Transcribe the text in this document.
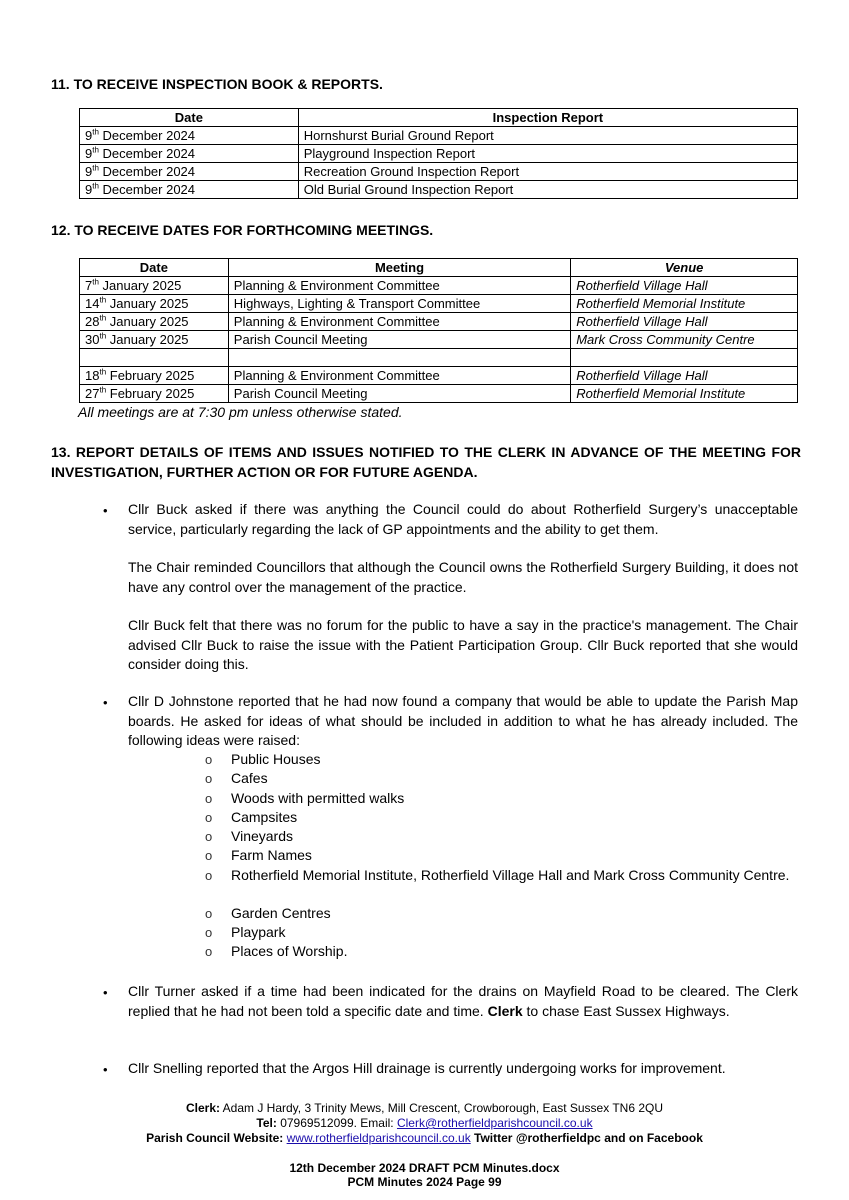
11. TO RECEIVE INSPECTION BOOK & REPORTS.
Date	Inspection Report
9th December 2024	Hornshurst Burial Ground Report
9th December 2024	Playground Inspection Report
9th December 2024	Recreation Ground Inspection Report
9th December 2024	Old Burial Ground Inspection Report
12. TO RECEIVE DATES FOR FORTHCOMING MEETINGS.
Date	Meeting	Venue
7th January 2025	Planning & Environment Committee	Rotherfield Village Hall
14th January 2025	Highways, Lighting & Transport Committee	Rotherfield Memorial Institute
28th January 2025	Planning & Environment Committee	Rotherfield Village Hall
30th January 2025	Parish Council Meeting	Mark Cross Community Centre

18th February 2025	Planning & Environment Committee	Rotherfield Village Hall
27th February 2025	Parish Council Meeting	Rotherfield Memorial Institute
All meetings are at 7:30 pm unless otherwise stated.
13. REPORT DETAILS OF ITEMS AND ISSUES NOTIFIED TO THE CLERK IN ADVANCE OF THE MEETING FOR INVESTIGATION, FURTHER ACTION OR FOR FUTURE AGENDA.
• Cllr Buck asked if there was anything the Council could do about Rotherfield Surgery’s unacceptable service, particularly regarding the lack of GP appointments and the ability to get them.
The Chair reminded Councillors that although the Council owns the Rotherfield Surgery Building, it does not have any control over the management of the practice.
Cllr Buck felt that there was no forum for the public to have a say in the practice's management. The Chair advised Cllr Buck to raise the issue with the Patient Participation Group. Cllr Buck reported that she would consider doing this.
• Cllr D Johnstone reported that he had now found a company that would be able to update the Parish Map boards. He asked for ideas of what should be included in addition to what he has already included. The following ideas were raised:
o Public Houses
o Cafes
o Woods with permitted walks
o Campsites
o Vineyards
o Farm Names
o Rotherfield Memorial Institute, Rotherfield Village Hall and Mark Cross Community Centre.
o Garden Centres
o Playpark
o Places of Worship.
• Cllr Turner asked if a time had been indicated for the drains on Mayfield Road to be cleared. The Clerk replied that he had not been told a specific date and time. Clerk to chase East Sussex Highways.
• Cllr Snelling reported that the Argos Hill drainage is currently undergoing works for improvement.
Clerk: Adam J Hardy, 3 Trinity Mews, Mill Crescent, Crowborough, East Sussex TN6 2QU
Tel: 07969512099. Email: Clerk@rotherfieldparishcouncil.co.uk
Parish Council Website: www.rotherfieldparishcouncil.co.uk Twitter @rotherfieldpc and on Facebook
12th December 2024 DRAFT PCM Minutes.docx
PCM Minutes 2024 Page 99
